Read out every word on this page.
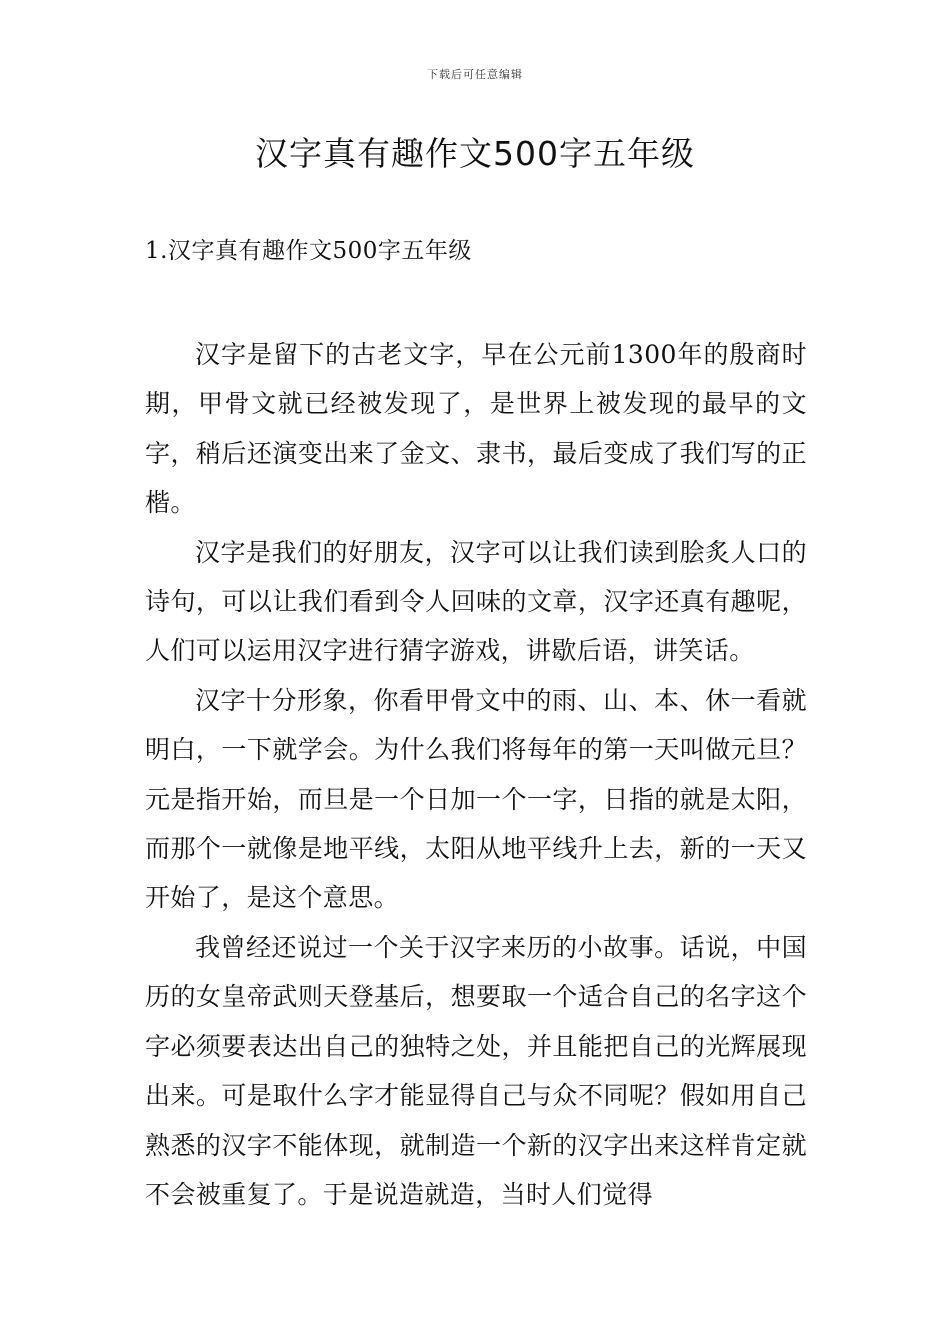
下载后可任意编辑
汉字真有趣作文500字五年级
1.汉字真有趣作文500字五年级

汉字是留下的古老文字，早在公元前1300年的殷商时期，甲骨文就已经被发现了，是世界上被发现的最早的文字，稍后还演变出来了金文、隶书，最后变成了我们写的正楷。

汉字是我们的好朋友，汉字可以让我们读到脍炙人口的诗句，可以让我们看到令人回味的文章，汉字还真有趣呢，人们可以运用汉字进行猜字游戏，讲歇后语，讲笑话。

汉字十分形象，你看甲骨文中的雨、山、本、休一看就明白，一下就学会。为什么我们将每年的第一天叫做元旦？元是指开始，而旦是一个日加一个一字，日指的就是太阳，而那个一就像是地平线，太阳从地平线升上去，新的一天又开始了，是这个意思。

我曾经还说过一个关于汉字来历的小故事。话说，中国历的女皇帝武则天登基后，想要取一个适合自己的名字这个字必须要表达出自己的独特之处，并且能把自己的光辉展现出来。可是取什么字才能显得自己与众不同呢？假如用自己熟悉的汉字不能体现，就制造一个新的汉字出来这样肯定就不会被重复了。于是说造就造，当时人们觉得
